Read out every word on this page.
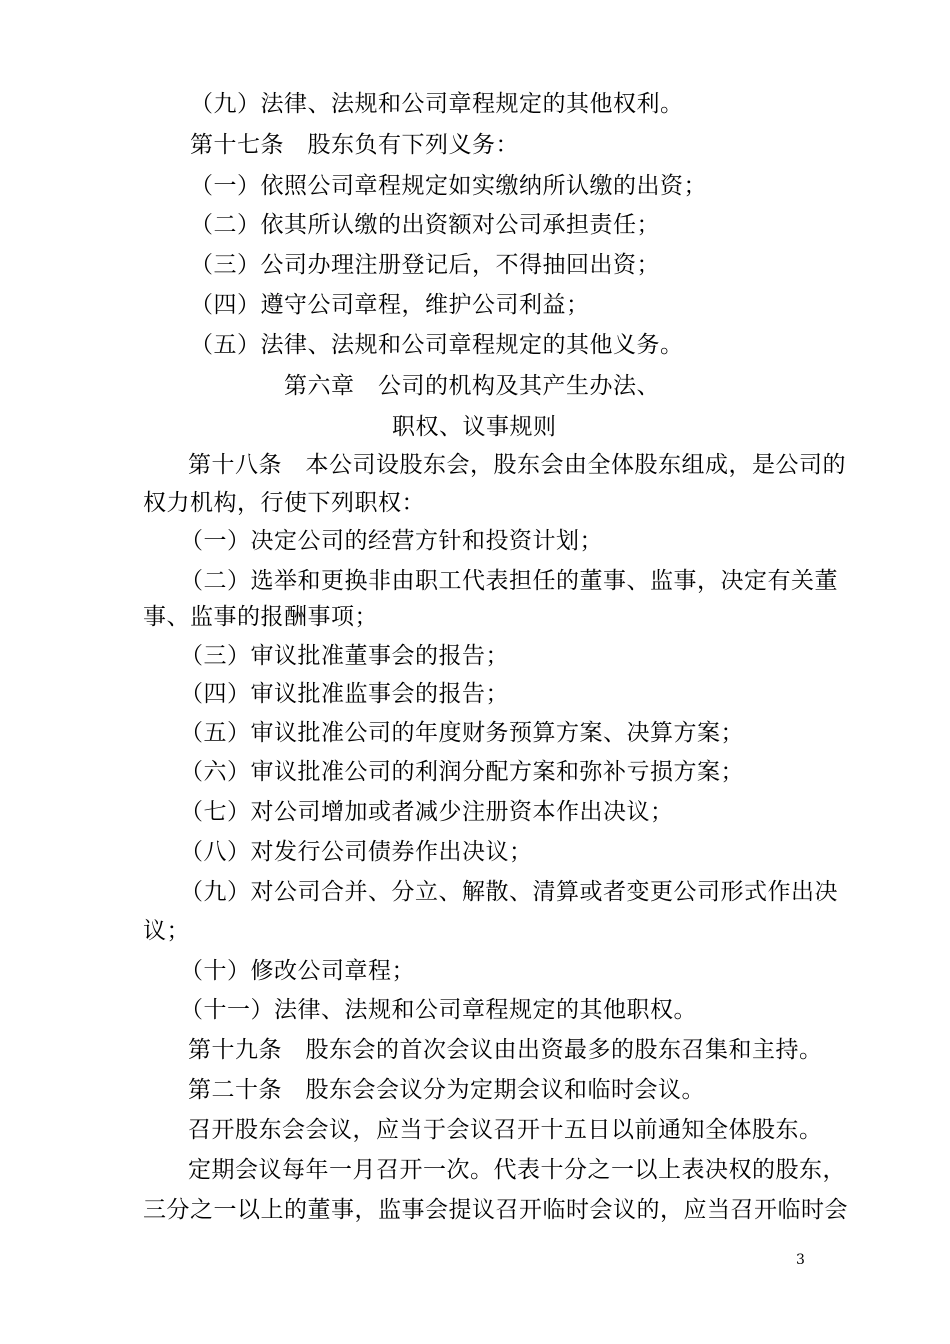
（九）法律、法规和公司章程规定的其他权利。
第十七条　股东负有下列义务：
（一）依照公司章程规定如实缴纳所认缴的出资；
（二）依其所认缴的出资额对公司承担责任；
（三）公司办理注册登记后，不得抽回出资；
（四）遵守公司章程，维护公司利益；
（五）法律、法规和公司章程规定的其他义务。
第六章　公司的机构及其产生办法、
职权、议事规则
第十八条　本公司设股东会，股东会由全体股东组成，是公司的
权力机构，行使下列职权：
（一）决定公司的经营方针和投资计划；
（二）选举和更换非由职工代表担任的董事、监事，决定有关董
事、监事的报酬事项；
（三）审议批准董事会的报告；
（四）审议批准监事会的报告；
（五）审议批准公司的年度财务预算方案、决算方案；
（六）审议批准公司的利润分配方案和弥补亏损方案；
（七）对公司增加或者减少注册资本作出决议；
（八）对发行公司债券作出决议；
（九）对公司合并、分立、解散、清算或者变更公司形式作出决
议；
（十）修改公司章程；
（十一）法律、法规和公司章程规定的其他职权。
第十九条　股东会的首次会议由出资最多的股东召集和主持。
第二十条　股东会会议分为定期会议和临时会议。
召开股东会会议，应当于会议召开十五日以前通知全体股东。
定期会议每年一月召开一次。代表十分之一以上表决权的股东，
三分之一以上的董事，监事会提议召开临时会议的，应当召开临时会
3
